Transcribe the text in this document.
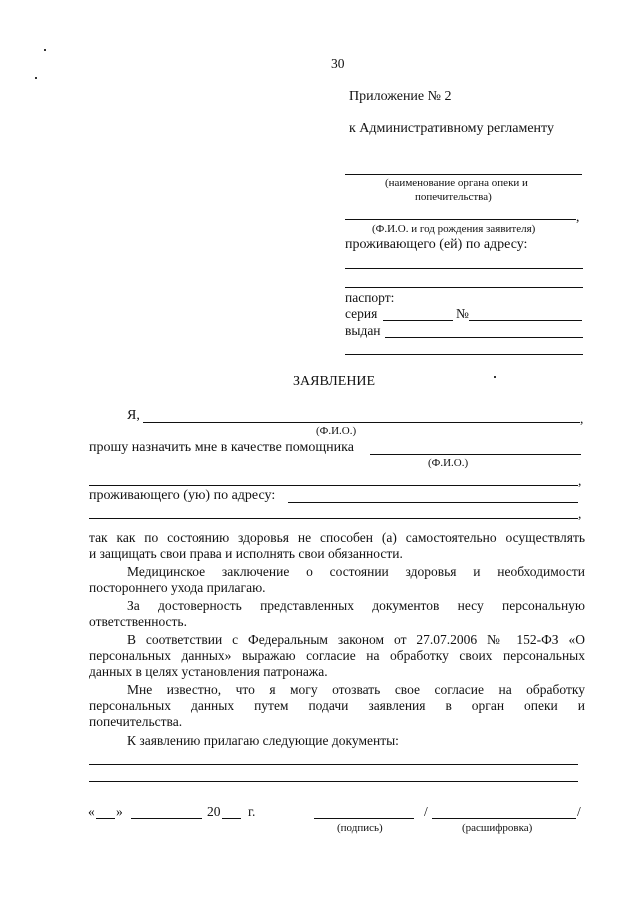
30
Приложение № 2
к Административному регламенту
(наименование органа опеки и
попечительства)
,
(Ф.И.О. и год рождения заявителя)
проживающего (ей) по адресу:
паспорт:
серия	№
выдан
ЗАЯВЛЕНИЕ
Я,	,
(Ф.И.О.)
прошу назначить мне в качестве помощника
(Ф.И.О.)
,
проживающего (ую) по адресу:
,
так как по состоянию здоровья не способен (а) самостоятельно осуществлять
и защищать свои права и исполнять свои обязанности.
Медицинское заключение о состоянии здоровья и необходимости
постороннего ухода прилагаю.
За достоверность представленных документов несу персональную
ответственность.
В соответствии с Федеральным законом от 27.07.2006 № 152-ФЗ «О
персональных данных» выражаю согласие на обработку своих персональных
данных в целях установления патронажа.
Мне известно, что я могу отозвать свое согласие на обработку
персональных данных путем подачи заявления в орган опеки и
попечительства.
К заявлению прилагаю следующие документы:
« »	20 г.	/	/
(подпись)	(расшифровка)
